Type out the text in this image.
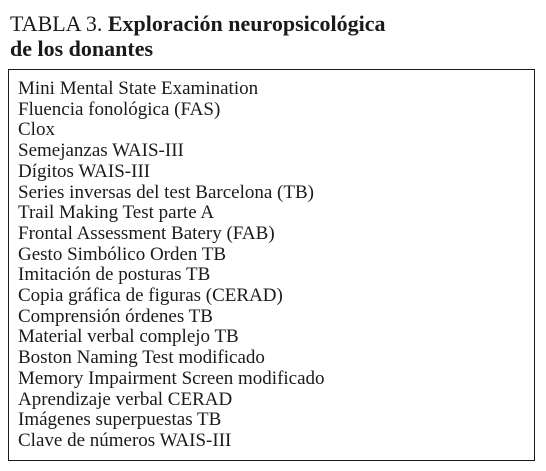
TABLA 3. Exploración neuropsicológica
de los donantes
Mini Mental State Examination
Fluencia fonológica (FAS)
Clox
Semejanzas WAIS-III
Dígitos WAIS-III
Series inversas del test Barcelona (TB)
Trail Making Test parte A
Frontal Assessment Batery (FAB)
Gesto Simbólico Orden TB
Imitación de posturas TB
Copia gráfica de figuras (CERAD)
Comprensión órdenes TB
Material verbal complejo TB
Boston Naming Test modificado
Memory Impairment Screen modificado
Aprendizaje verbal CERAD
Imágenes superpuestas TB
Clave de números WAIS-III
